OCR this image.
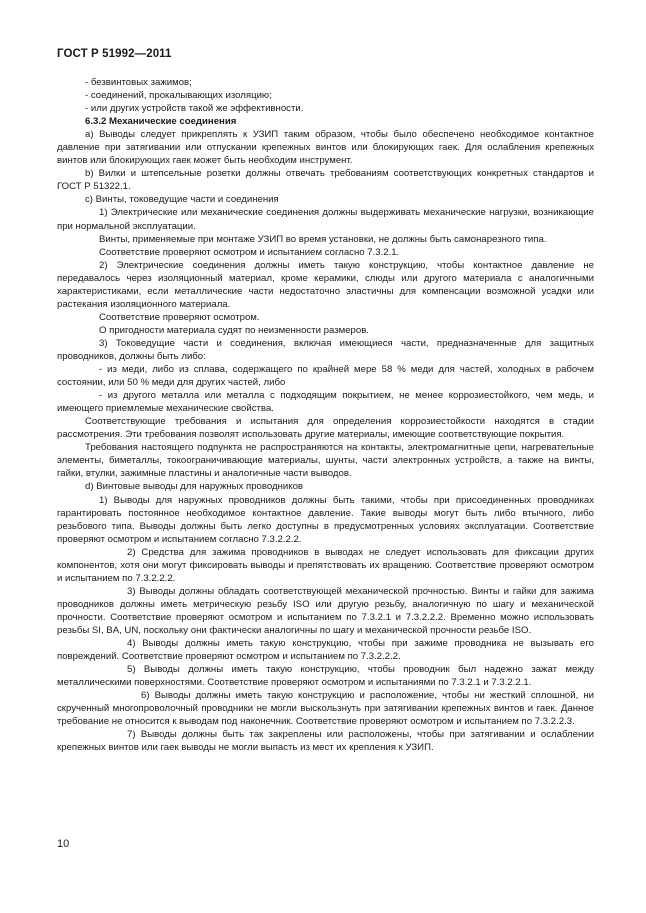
ГОСТ Р 51992—2011

- безвинтовых зажимов;

- соединений, прокалывающих изоляцию;

- или других устройств такой же эффективности.

6.3.2 Механические соединения

a) Выводы следует прикреплять к УЗИП таким образом, чтобы было обеспечено необходимое контактное давление при затягивании или отпускании крепежных винтов или блокирующих гаек. Для ослабления крепежных винтов или блокирующих гаек может быть необходим инструмент.

b) Вилки и штепсельные розетки должны отвечать требованиям соответствующих конкретных стандартов и ГОСТ Р 51322.1.

c) Винты, токоведущие части и соединения

1) Электрические или механические соединения должны выдерживать механические нагрузки, возникающие при нормальной эксплуатации.

Винты, применяемые при монтаже УЗИП во время установки, не должны быть самонарезного типа.

Соответствие проверяют осмотром и испытанием согласно 7.3.2.1.

2) Электрические соединения должны иметь такую конструкцию, чтобы контактное давление не передавалось через изоляционный материал, кроме керамики, слюды или другого материала с аналогичными характеристиками, если металлические части недостаточно эластичны для компенсации возможной усадки или растекания изоляционного материала.

Соответствие проверяют осмотром.

О пригодности материала судят по неизменности размеров.

3) Токоведущие части и соединения, включая имеющиеся части, предназначенные для защитных проводников, должны быть либо:

- из меди, либо из сплава, содержащего по крайней мере 58 % меди для частей, холодных в рабочем состоянии, или 50 % меди для других частей, либо

- из другого металла или металла с подходящим покрытием, не менее коррозиестойкого, чем медь, и имеющего приемлемые механические свойства.

Соответствующие требования и испытания для определения коррозиестойкости находятся в стадии рассмотрения. Эти требования позволят использовать другие материалы, имеющие соответствующие покрытия.

Требования настоящего подпункта не распространяются на контакты, электромагнитные цепи, нагревательные элементы, биметаллы, токоограничивающие материалы, шунты, части электронных устройств, а также на винты, гайки, втулки, зажимные пластины и аналогичные части выводов.

d) Винтовые выводы для наружных проводников

1) Выводы для наружных проводников должны быть такими, чтобы при присоединенных проводниках гарантировать постоянное необходимое контактное давление. Такие выводы могут быть либо втычного, либо резьбового типа. Выводы должны быть легко доступны в предусмотренных условиях эксплуатации. Соответствие проверяют осмотром и испытанием согласно 7.3.2.2.2.

2) Средства для зажима проводников в выводах не следует использовать для фиксации других компонентов, хотя они могут фиксировать выводы и препятствовать их вращению. Соответствие проверяют осмотром и испытанием по 7.3.2.2.2.

3) Выводы должны обладать соответствующей механической прочностью. Винты и гайки для зажима проводников должны иметь метрическую резьбу ISO или другую резьбу, аналогичную по шагу и механической прочности. Соответствие проверяют осмотром и испытанием по 7.3.2.1 и 7.3.2.2.2. Временно можно использовать резьбы SI, BA, UN, поскольку они фактически аналогичны по шагу и механической прочности резьбе ISO.

4) Выводы должны иметь такую конструкцию, чтобы при зажиме проводника не вызывать его повреждений. Соответствие проверяют осмотром и испытанием по 7.3.2.2.2.

5) Выводы должны иметь такую конструкцию, чтобы проводник был надежно зажат между металлическими поверхностями. Соответствие проверяют осмотром и испытаниями по 7.3.2.1 и 7.3.2.2.1.

6) Выводы должны иметь такую конструкцию и расположение, чтобы ни жесткий сплошной, ни скрученный многопроволочный проводники не могли выскользнуть при затягивании крепежных винтов и гаек. Данное требование не относится к выводам под наконечник. Соответствие проверяют осмотром и испытанием по 7.3.2.2.3.

7) Выводы должны быть так закреплены или расположены, чтобы при затягивании и ослаблении крепежных винтов или гаек выводы не могли выпасть из мест их крепления к УЗИП.

10
